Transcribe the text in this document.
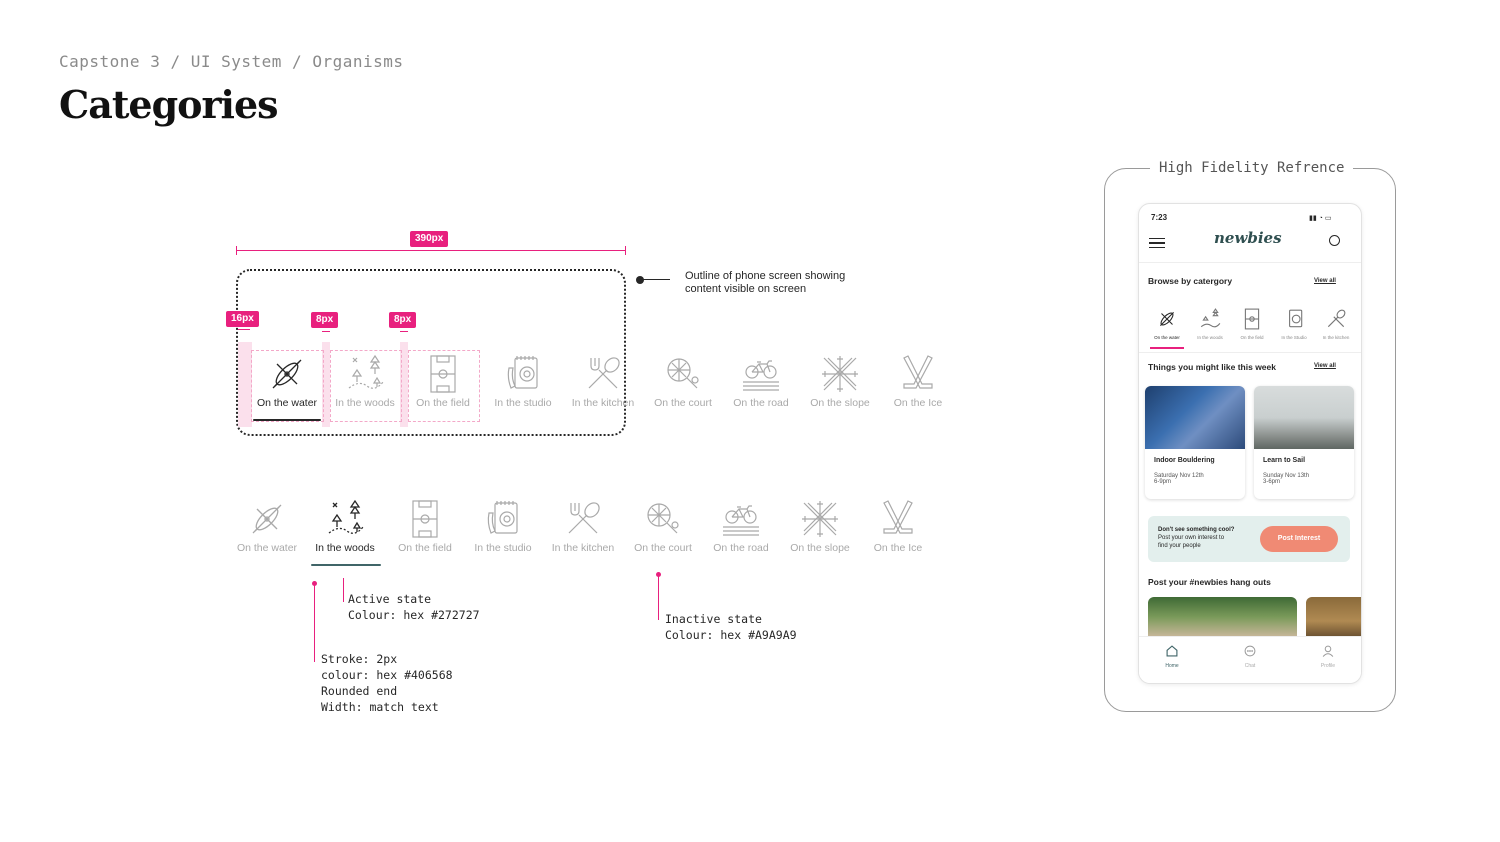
Capstone 3 / UI System / Organisms
Categories
390px
Outline of phone screen showing content visible on screen
16px	8px	8px
On the water	In the woods	On the field	In the studio	In the kitchen	On the court	On the road	On the slope	On the Ice
On the water	In the woods	On the field	In the studio	In the kitchen	On the court	On the road	On the slope	On the Ice
Active state
Colour: hex #272727	Inactive state
Colour: hex #A9A9A9
Stroke: 2px
colour: hex #406568
Rounded end
Width: match text
High Fidelity Refrence
7:23	▮▮ ◔ ▭
newbies
Browse by catergory	View all
On the water	In the woods	On the field	In the Studio	In the kitchen
Things you might like this week	View all
Indoor Bouldering
Saturday Nov 12th
6-9pm
Learn to Sail
Sunday Nov 13th
3-6pm
Don't see something cool?
Post your own interest to
find your people
Post Interest
Post your #newbies hang outs
Home	Chat	Profile
